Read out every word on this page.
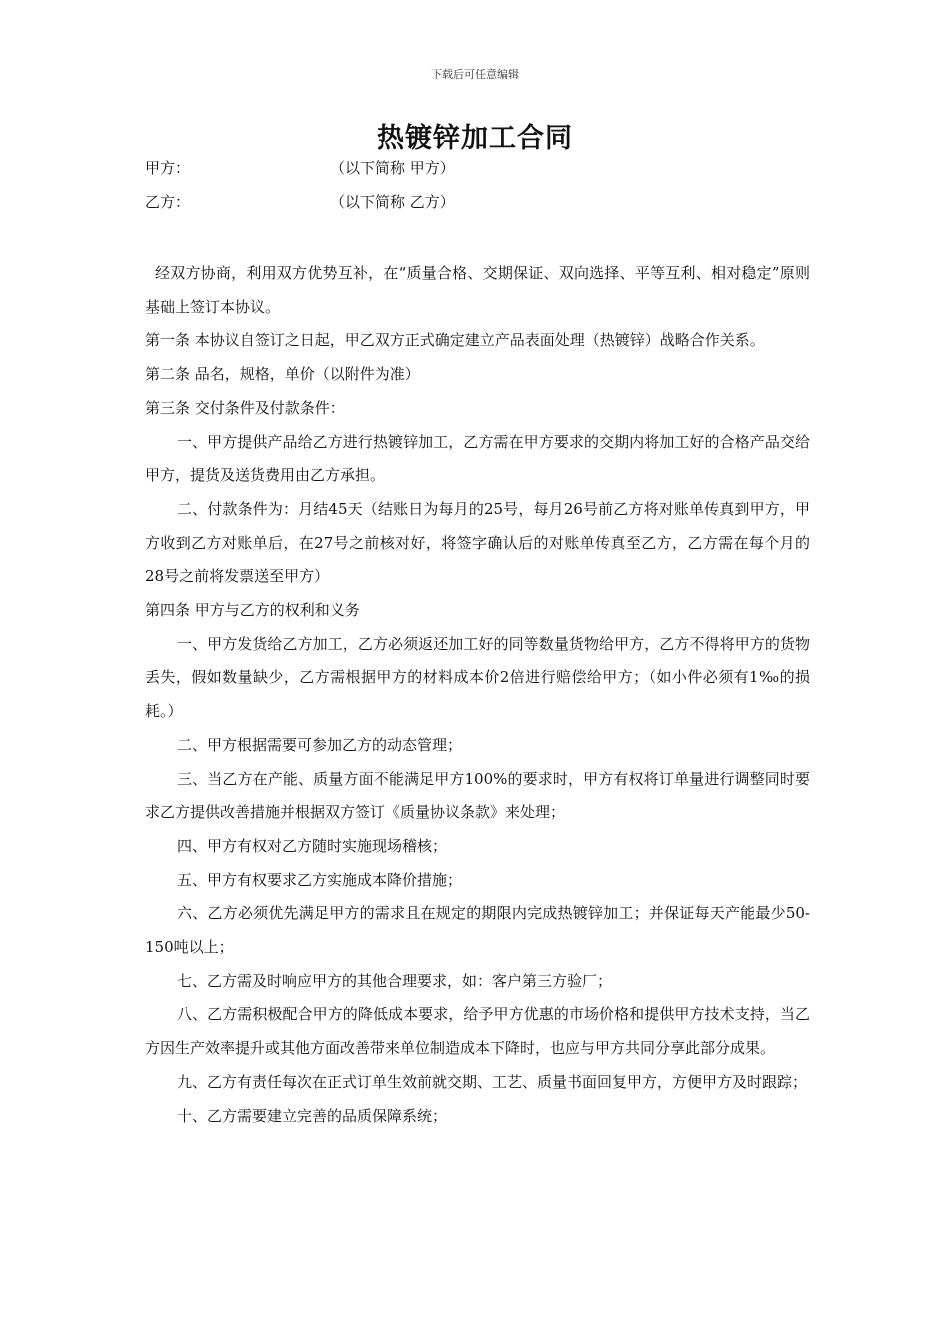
下载后可任意编辑
热镀锌加工合同
甲方：	（以下简称 甲方）
乙方：	（以下简称 乙方）

经双方协商，利用双方优势互补，在“质量合格、交期保证、双向选择、平等互利、相对稳定”原则基础上签订本协议。

第一条 本协议自签订之日起，甲乙双方正式确定建立产品表面处理（热镀锌）战略合作关系。

第二条 品名，规格，单价（以附件为准）

第三条 交付条件及付款条件：

一、甲方提供产品给乙方进行热镀锌加工，乙方需在甲方要求的交期内将加工好的合格产品交给甲方，提货及送货费用由乙方承担。

二、付款条件为：月结45天（结账日为每月的25号，每月26号前乙方将对账单传真到甲方，甲方收到乙方对账单后，在27号之前核对好，将签字确认后的对账单传真至乙方，乙方需在每个月的28号之前将发票送至甲方）

第四条 甲方与乙方的权利和义务

一、甲方发货给乙方加工，乙方必须返还加工好的同等数量货物给甲方，乙方不得将甲方的货物丢失，假如数量缺少，乙方需根据甲方的材料成本价2倍进行赔偿给甲方；（如小件必须有1‰的损耗。）

二、甲方根据需要可参加乙方的动态管理；

三、当乙方在产能、质量方面不能满足甲方100%的要求时，甲方有权将订单量进行调整同时要求乙方提供改善措施并根据双方签订《质量协议条款》来处理；

四、甲方有权对乙方随时实施现场稽核；

五、甲方有权要求乙方实施成本降价措施；

六、乙方必须优先满足甲方的需求且在规定的期限内完成热镀锌加工；并保证每天产能最少50-150吨以上；

七、乙方需及时响应甲方的其他合理要求，如：客户第三方验厂；

八、乙方需积极配合甲方的降低成本要求，给予甲方优惠的市场价格和提供甲方技术支持，当乙方因生产效率提升或其他方面改善带来单位制造成本下降时，也应与甲方共同分享此部分成果。

九、乙方有责任每次在正式订单生效前就交期、工艺、质量书面回复甲方，方便甲方及时跟踪；

十、乙方需要建立完善的品质保障系统；
